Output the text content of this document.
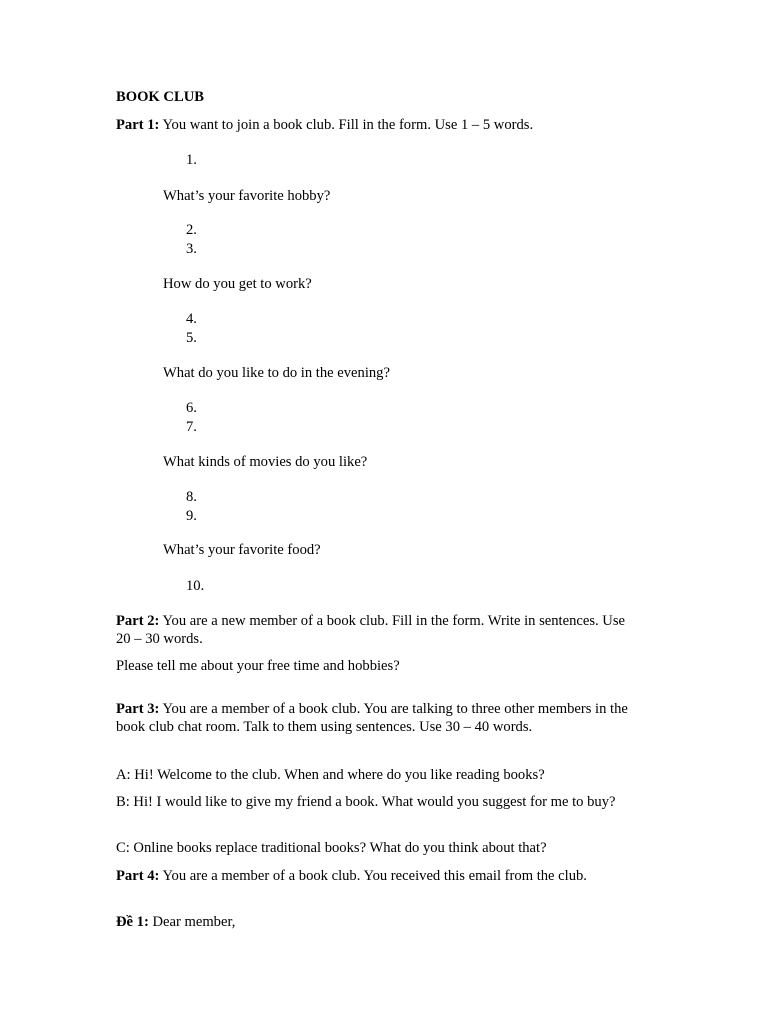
BOOK CLUB
Part 1: You want to join a book club. Fill in the form. Use 1 – 5 words.
1.
What’s your favorite hobby?
2.
3.
How do you get to work?
4.
5.
What do you like to do in the evening?
6.
7.
What kinds of movies do you like?
8.
9.
What’s your favorite food?
10.
Part 2: You are a new member of a book club. Fill in the form. Write in sentences. Use 20 – 30 words.
Please tell me about your free time and hobbies?
Part 3: You are a member of a book club. You are talking to three other members in the book club chat room. Talk to them using sentences. Use 30 – 40 words.
A: Hi! Welcome to the club. When and where do you like reading books?
B: Hi! I would like to give my friend a book. What would you suggest for me to buy?
C: Online books replace traditional books? What do you think about that?
Part 4: You are a member of a book club. You received this email from the club.
Đề 1: Dear member,
